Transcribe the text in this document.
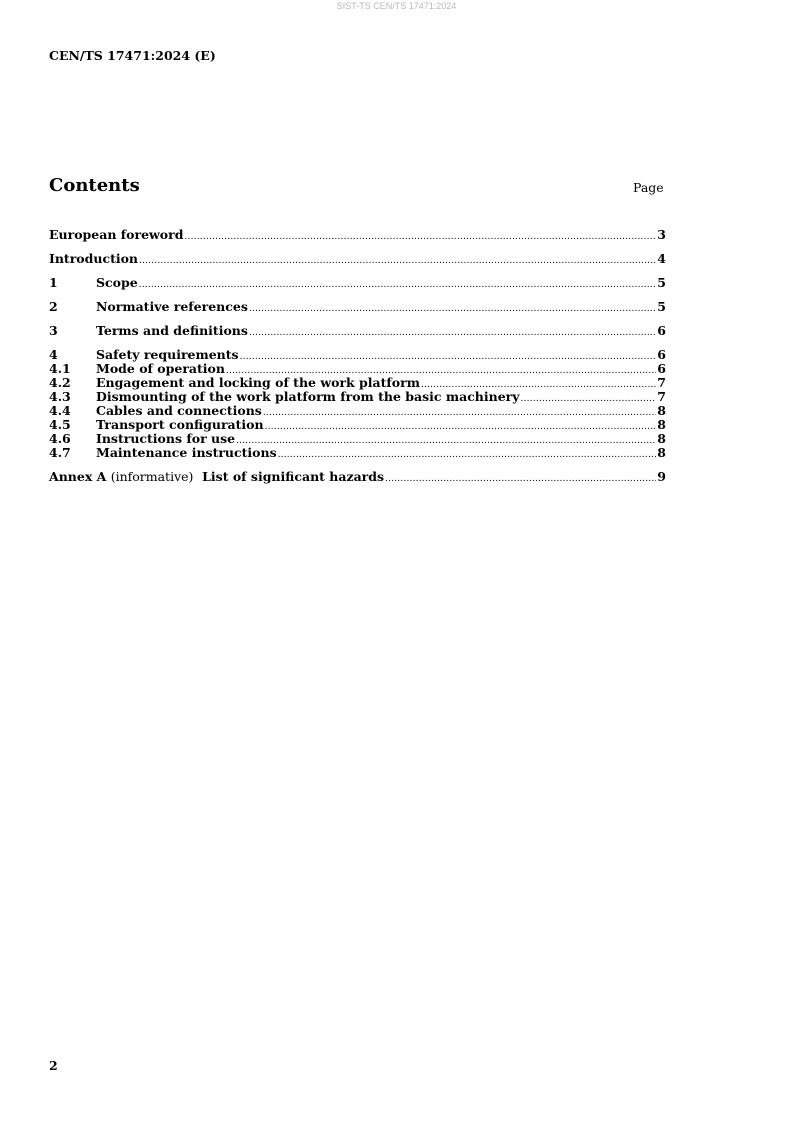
SIST-TS CEN/TS 17471:2024
CEN/TS 17471:2024 (E)
Contents	Page
European foreword .....	3
Introduction .....	4
1	Scope .....	5
2	Normative references .....	5
3	Terms and definitions .....	6
4	Safety requirements .....	6
4.1	Mode of operation .....	6
4.2	Engagement and locking of the work platform .....	7
4.3	Dismounting of the work platform from the basic machinery .....	7
4.4	Cables and connections .....	8
4.5	Transport configuration .....	8
4.6	Instructions for use .....	8
4.7	Maintenance instructions .....	8
Annex A (informative) List of significant hazards .....	9
2
